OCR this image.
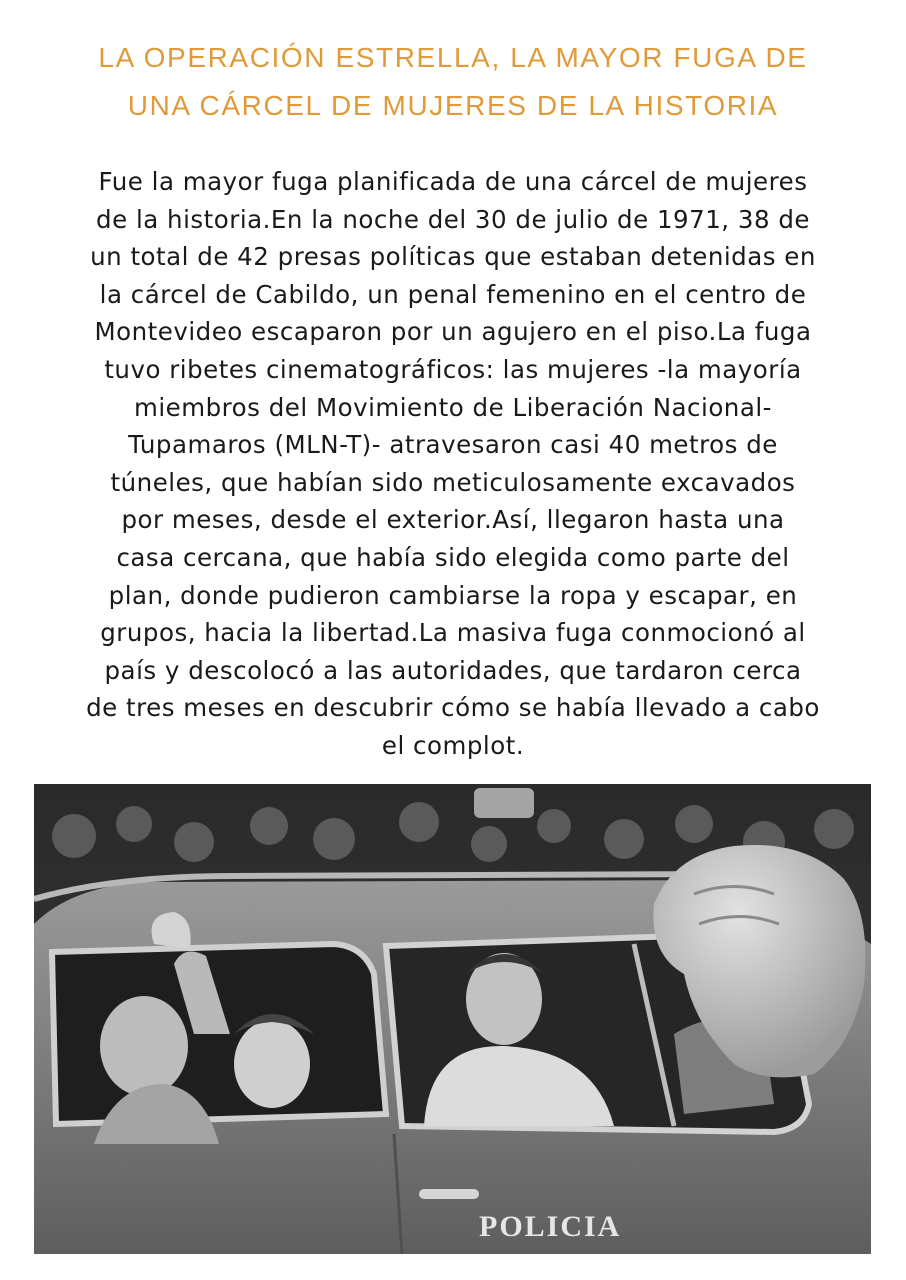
LA OPERACIÓN ESTRELLA, LA MAYOR FUGA DE
UNA CÁRCEL DE MUJERES DE LA HISTORIA
Fue la mayor fuga planificada de una cárcel de mujeres
de la historia.En la noche del 30 de julio de 1971, 38 de
un total de 42 presas políticas que estaban detenidas en
la cárcel de Cabildo, un penal femenino en el centro de
Montevideo escaparon por un agujero en el piso.La fuga
tuvo ribetes cinematográficos: las mujeres -la mayoría
miembros del Movimiento de Liberación Nacional-
Tupamaros (MLN-T)- atravesaron casi 40 metros de
túneles, que habían sido meticulosamente excavados
por meses, desde el exterior.Así, llegaron hasta una
casa cercana, que había sido elegida como parte del
plan, donde pudieron cambiarse la ropa y escapar, en
grupos, hacia la libertad.La masiva fuga conmocionó al
país y descolocó a las autoridades, que tardaron cerca
de tres meses en descubrir cómo se había llevado a cabo
el complot.
POLICIA
